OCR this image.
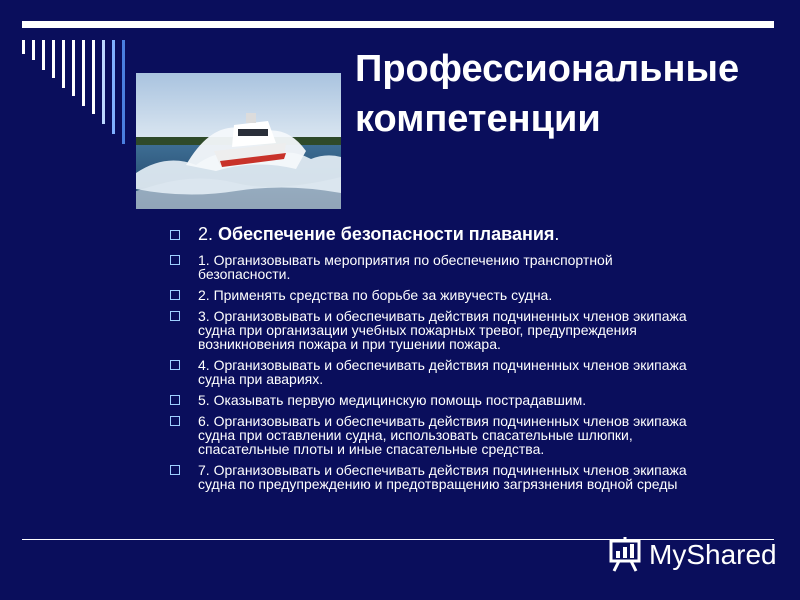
Профессиональные
компетенции
2. Обеспечение безопасности плавания.
1. Организовывать мероприятия по обеспечению транспортной безопасности.
2. Применять средства по борьбе за живучесть судна.
3. Организовывать и обеспечивать действия подчиненных членов экипажа судна при организации учебных пожарных тревог, предупреждения возникновения пожара и при тушении пожара.
4. Организовывать и обеспечивать действия подчиненных членов экипажа судна при авариях.
5. Оказывать первую медицинскую помощь пострадавшим.
6. Организовывать и обеспечивать действия подчиненных членов экипажа судна при оставлении судна, использовать спасательные шлюпки, спасательные плоты и иные спасательные средства.
7. Организовывать и обеспечивать действия подчиненных членов экипажа судна по предупреждению и предотвращению загрязнения водной среды
MyShared
